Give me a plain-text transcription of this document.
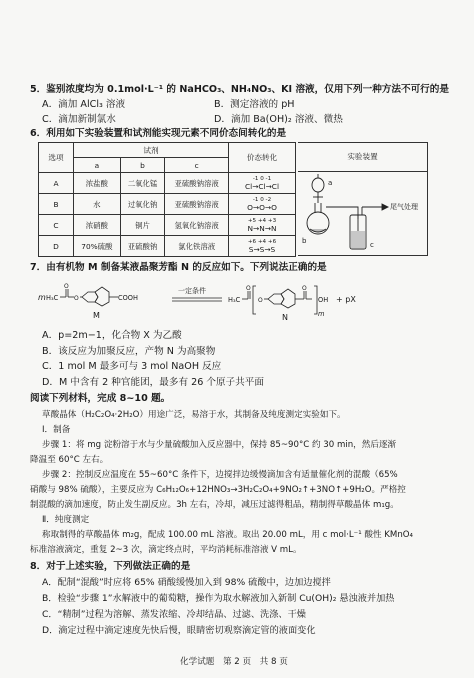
5．鉴别浓度均为 0.1mol·L⁻¹ 的 NaHCO₃、NH₄NO₃、KI 溶液，仅用下列一种方法不可行的是
A．滴加 AlCl₃ 溶液	B．测定溶液的 pH
C．滴加新制氯水	D．滴加 Ba(OH)₂ 溶液、微热
6．利用如下实验装置和试剂能实现元素不同价态间转化的是
选项	试剂			价态转化
	a	b	c	
A	浓盐酸	二氧化锰	亚硫酸钠溶液	-1 0 -1
Cl→Cl→Cl

B	水	过氧化钠	亚硫酸钠溶液	-1 0 -2
O→O→O

C	浓硝酸	铜片	氢氧化钠溶液	+5 +4 +3
N→N→N

D	70%硫酸	亚硫酸钠	氯化铁溶液	+6 +4 +6
S→S→S
实验装置
a
b	c
尾气处理
7．由有机物 M 制备某液晶聚芳酯 N 的反应如下。下列说法正确的是
m H₃C
O
O	COOH
M
一定条件
H₃C
O
O
O
OH
m
N
+ pX
A．p=2m−1，化合物 X 为乙酸
B．该反应为加聚反应，产物 N 为高聚物
C．1 mol M 最多可与 3 mol NaOH 反应
D．M 中含有 2 种官能团，最多有 26 个原子共平面
阅读下列材料，完成 8~10 题。
草酸晶体（H₂C₂O₄·2H₂O）用途广泛，易溶于水，其制备及纯度测定实验如下。
Ⅰ．制备
步骤 1：将 mg 淀粉溶于水与少量硫酸加入反应器中，保持 85~90°C 约 30 min，然后逐渐
降温至 60°C 左右。
步骤 2：控制反应温度在 55~60°C 条件下，边搅拌边缓慢滴加含有适量催化剂的混酸（65%
硝酸与 98% 硫酸），主要反应为 C₆H₁₂O₆+12HNO₃→3H₂C₂O₄+9NO₂↑+3NO↑+9H₂O。严格控
制混酸的滴加速度，防止发生副反应。3h 左右，冷却，减压过滤得粗品，精制得草酸晶体 m₁g。
Ⅱ．纯度测定
称取制得的草酸晶体 m₂g，配成 100.00 mL 溶液。取出 20.00 mL，用 c mol·L⁻¹ 酸性 KMnO₄
标准溶液滴定，重复 2~3 次，滴定终点时，平均消耗标准溶液 V mL。
8．对于上述实验，下列做法正确的是
A．配制“混酸”时应将 65% 硝酸缓慢加入到 98% 硫酸中，边加边搅拌
B．检验“步骤 1”水解液中的葡萄糖，操作为取水解液加入新制 Cu(OH)₂ 悬浊液并加热
C．“精制”过程为溶解、蒸发浓缩、冷却结晶、过滤、洗涤、干燥
D．滴定过程中滴定速度先快后慢，眼睛密切观察滴定管的液面变化
化学试题　第 2 页　共 8 页
